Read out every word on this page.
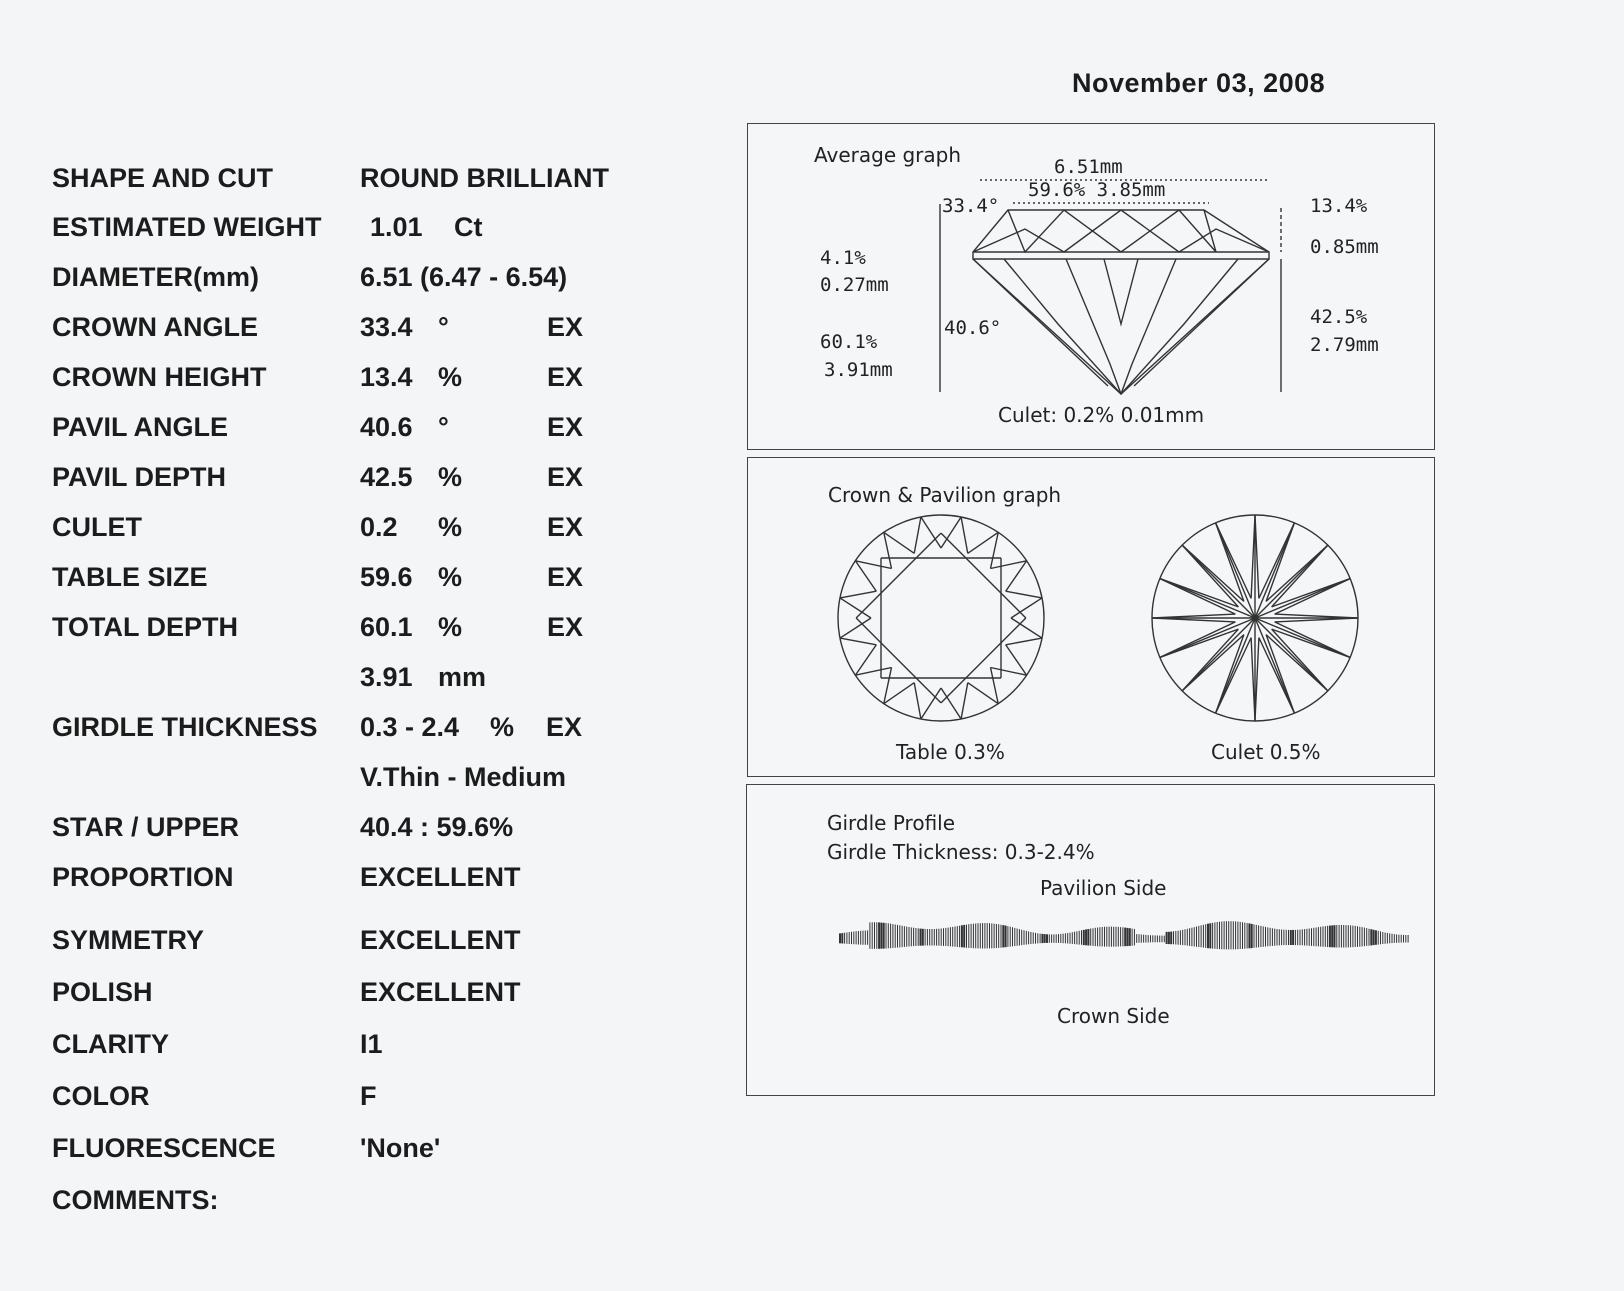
November 03, 2008
SHAPE AND CUT	ROUND BRILLIANT
ESTIMATED WEIGHT 1.01 Ct
DIAMETER(mm)	6.51 (6.47 - 6.54)
CROWN ANGLE	33.4 °	EX
CROWN HEIGHT	13.4 %	EX
PAVIL ANGLE	40.6 °	EX
PAVIL DEPTH	42.5 %	EX
CULET	0.2 %	EX
TABLE SIZE	59.6 %	EX
TOTAL DEPTH	60.1 %	EX
3.91 mm
GIRDLE THICKNESS 0.3 - 2.4 % EX
V.Thin - Medium
STAR / UPPER	40.4 : 59.6%
PROPORTION	EXCELLENT
SYMMETRY	EXCELLENT
POLISH	EXCELLENT
CLARITY	I1
COLOR	F
FLUORESCENCE	'None'
COMMENTS:
Average graph	6.51mm
59.6% 3.85mm
33.4°
40.6°
13.4%
0.85mm
42.5%
2.79mm
4.1%
0.27mm
60.1%
3.91mm
Culet: 0.2% 0.01mm
Crown & Pavilion graph
Table 0.3%	Culet 0.5%
Girdle Profile
Girdle Thickness: 0.3-2.4%
Pavilion Side
Crown Side
